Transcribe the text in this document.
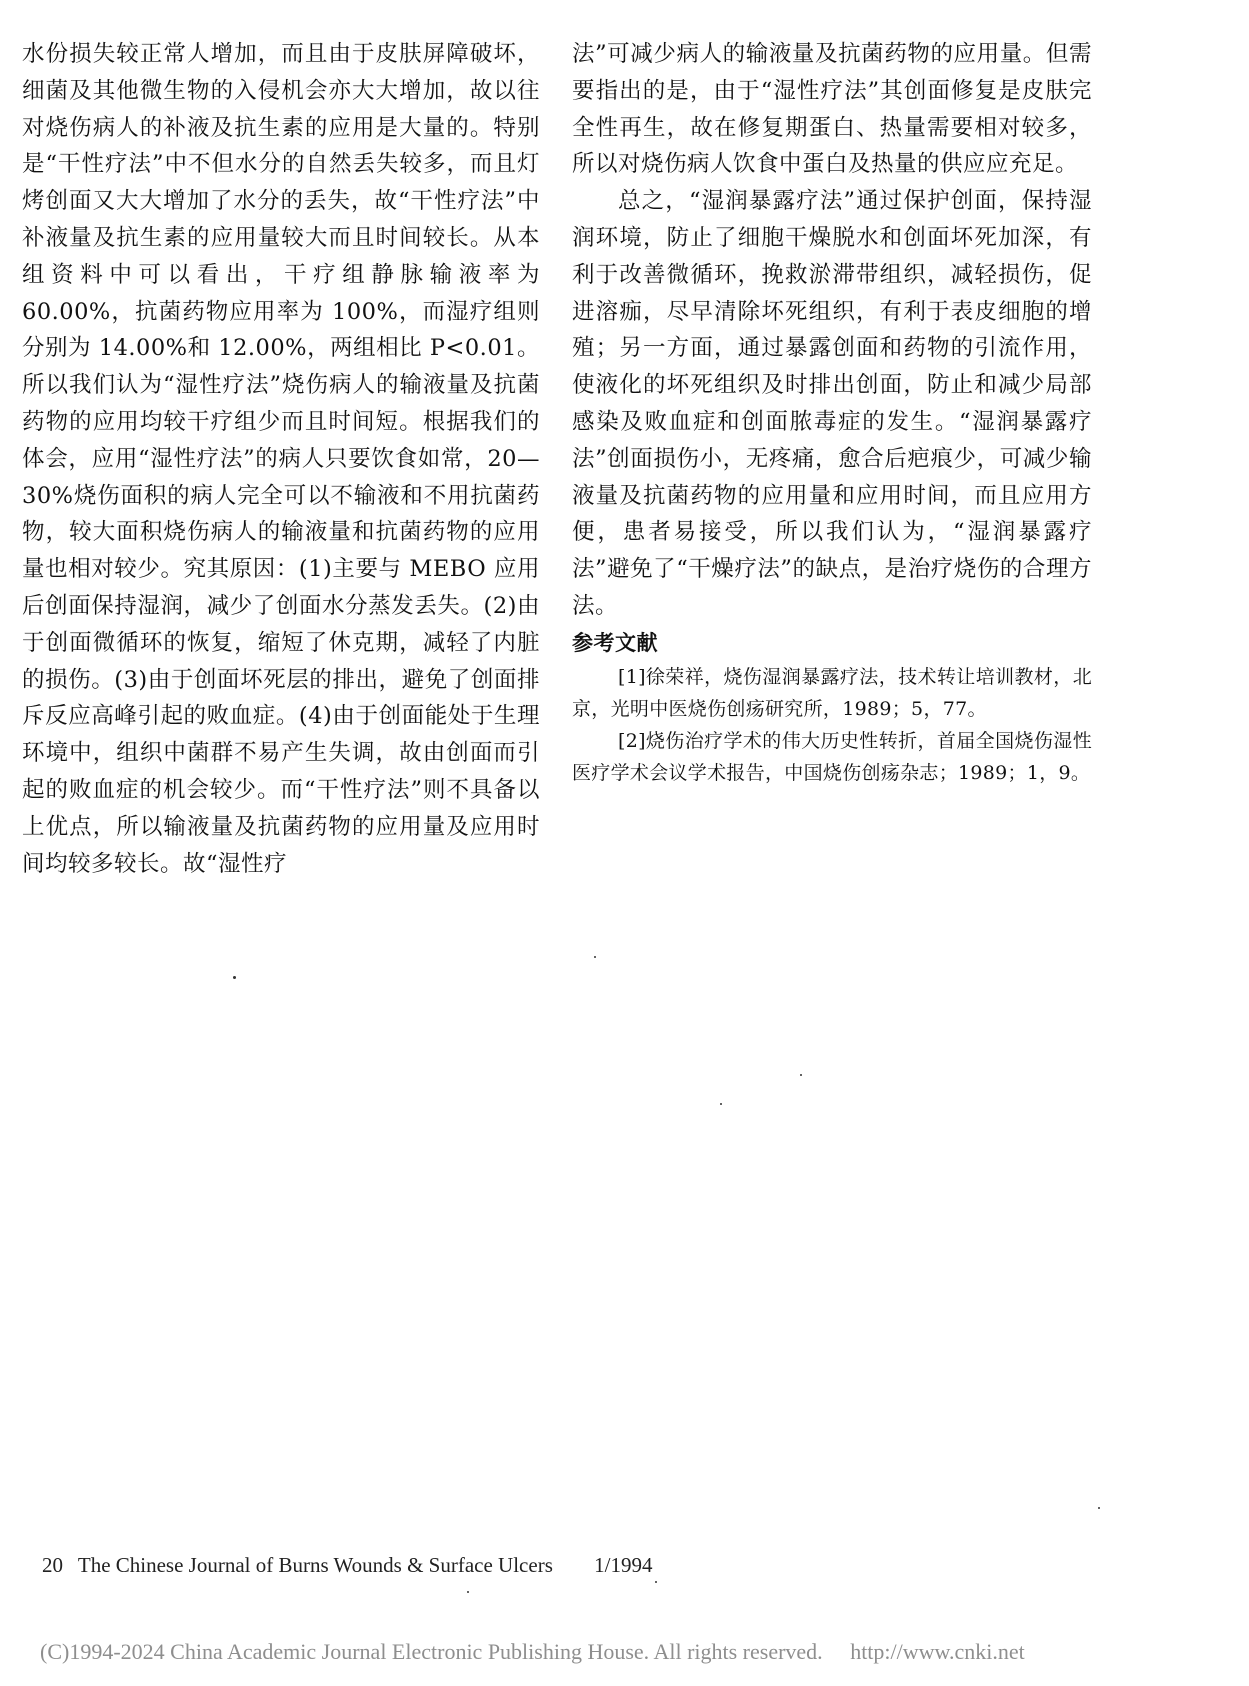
水份损失较正常人增加，而且由于皮肤屏障破坏，细菌及其他微生物的入侵机会亦大大增加，故以往对烧伤病人的补液及抗生素的应用是大量的。特别是“干性疗法”中不但水分的自然丢失较多，而且灯烤创面又大大增加了水分的丢失，故“干性疗法”中补液量及抗生素的应用量较大而且时间较长。从本组资料中可以看出，干疗组静脉输液率为 60.00%，抗菌药物应用率为 100%，而湿疗组则分别为 14.00%和 12.00%，两组相比 P<0.01。所以我们认为“湿性疗法”烧伤病人的输液量及抗菌药物的应用均较干疗组少而且时间短。根据我们的体会，应用“湿性疗法”的病人只要饮食如常，20—30%烧伤面积的病人完全可以不输液和不用抗菌药物，较大面积烧伤病人的输液量和抗菌药物的应用量也相对较少。究其原因：(1)主要与 MEBO 应用后创面保持湿润，减少了创面水分蒸发丢失。(2)由于创面微循环的恢复，缩短了休克期，减轻了内脏的损伤。(3)由于创面坏死层的排出，避免了创面排斥反应高峰引起的败血症。(4)由于创面能处于生理环境中，组织中菌群不易产生失调，故由创面而引起的败血症的机会较少。而“干性疗法”则不具备以上优点，所以输液量及抗菌药物的应用量及应用时间均较多较长。故“湿性疗

法”可减少病人的输液量及抗菌药物的应用量。但需要指出的是，由于“湿性疗法”其创面修复是皮肤完全性再生，故在修复期蛋白、热量需要相对较多，所以对烧伤病人饮食中蛋白及热量的供应应充足。

总之，“湿润暴露疗法”通过保护创面，保持湿润环境，防止了细胞干燥脱水和创面坏死加深，有利于改善微循环，挽救淤滞带组织，减轻损伤，促进溶痂，尽早清除坏死组织，有利于表皮细胞的增殖；另一方面，通过暴露创面和药物的引流作用，使液化的坏死组织及时排出创面，防止和减少局部感染及败血症和创面脓毒症的发生。“湿润暴露疗法”创面损伤小，无疼痛，愈合后疤痕少，可减少输液量及抗菌药物的应用量和应用时间，而且应用方便，患者易接受，所以我们认为，“湿润暴露疗法”避免了“干燥疗法”的缺点，是治疗烧伤的合理方法。

参考文献

[1]徐荣祥，烧伤湿润暴露疗法，技术转让培训教材，北京，光明中医烧伤创疡研究所，1989；5，77。

[2]烧伤治疗学术的伟大历史性转折，首届全国烧伤湿性医疗学术会议学术报告，中国烧伤创疡杂志；1989；1，9。

20 The Chinese Journal of Burns Wounds & Surface Ulcers 1/1994
(C)1994-2024 China Academic Journal Electronic Publishing House. All rights reserved. http://www.cnki.net
